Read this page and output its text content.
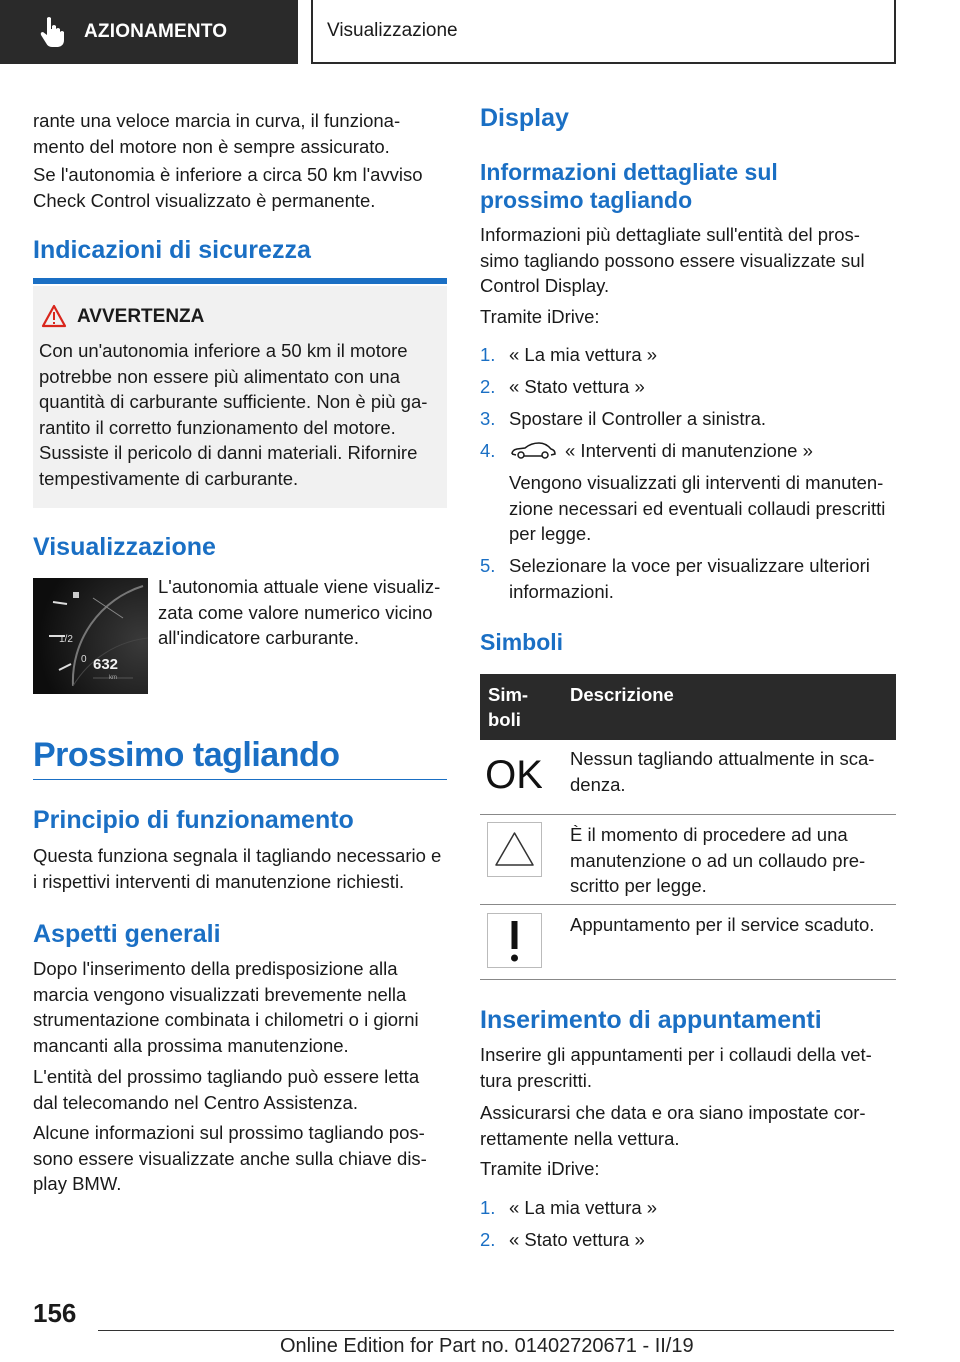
AZIONAMENTO	Visualizzazione
rante una veloce marcia in curva, il funziona-mento del motore non è sempre assicurato.
Se l'autonomia è inferiore a circa 50 km l'avviso Check Control visualizzato è permanente.
Indicazioni di sicurezza
AVVERTENZA
Con un'autonomia inferiore a 50 km il motore potrebbe non essere più alimentato con una quantità di carburante sufficiente. Non è più ga-rantito il corretto funzionamento del motore. Sussiste il pericolo di danni materiali. Rifornire tempestivamente di carburante.
Visualizzazione
1/2
0 632
km
L'autonomia attuale viene visualiz-zata come valore numerico vicino all'indicatore carburante.
Prossimo tagliando
Principio di funzionamento
Questa funziona segnala il tagliando necessario e i rispettivi interventi di manutenzione richiesti.
Aspetti generali
Dopo l'inserimento della predisposizione alla marcia vengono visualizzati brevemente nella strumentazione combinata i chilometri o i giorni mancanti alla prossima manutenzione.
L'entità del prossimo tagliando può essere letta dal telecomando nel Centro Assistenza.
Alcune informazioni sul prossimo tagliando pos-sono essere visualizzate anche sulla chiave dis-play BMW.
Display
Informazioni dettagliate sul prossimo tagliando
Informazioni più dettagliate sull'entità del pros-simo tagliando possono essere visualizzate sul Control Display.
Tramite iDrive:
1. « La mia vettura »
2. « Stato vettura »
3. Spostare il Controller a sinistra.
4.	« Interventi di manutenzione »
Vengono visualizzati gli interventi di manuten-zione necessari ed eventuali collaudi prescritti per legge.
5. Selezionare la voce per visualizzare ulteriori informazioni.
Simboli
Sim-boli
Descrizione
OK Nessun tagliando attualmente in sca-denza.
È il momento di procedere ad una manutenzione o ad un collaudo pre-scritto per legge.
Appuntamento per il service scaduto.
Inserimento di appuntamenti
Inserire gli appuntamenti per i collaudi della vet-tura prescritti.
Assicurarsi che data e ora siano impostate cor-rettamente nella vettura.
Tramite iDrive:
1. « La mia vettura »
2. « Stato vettura »
156
Online Edition for Part no. 01402720671 - II/19
